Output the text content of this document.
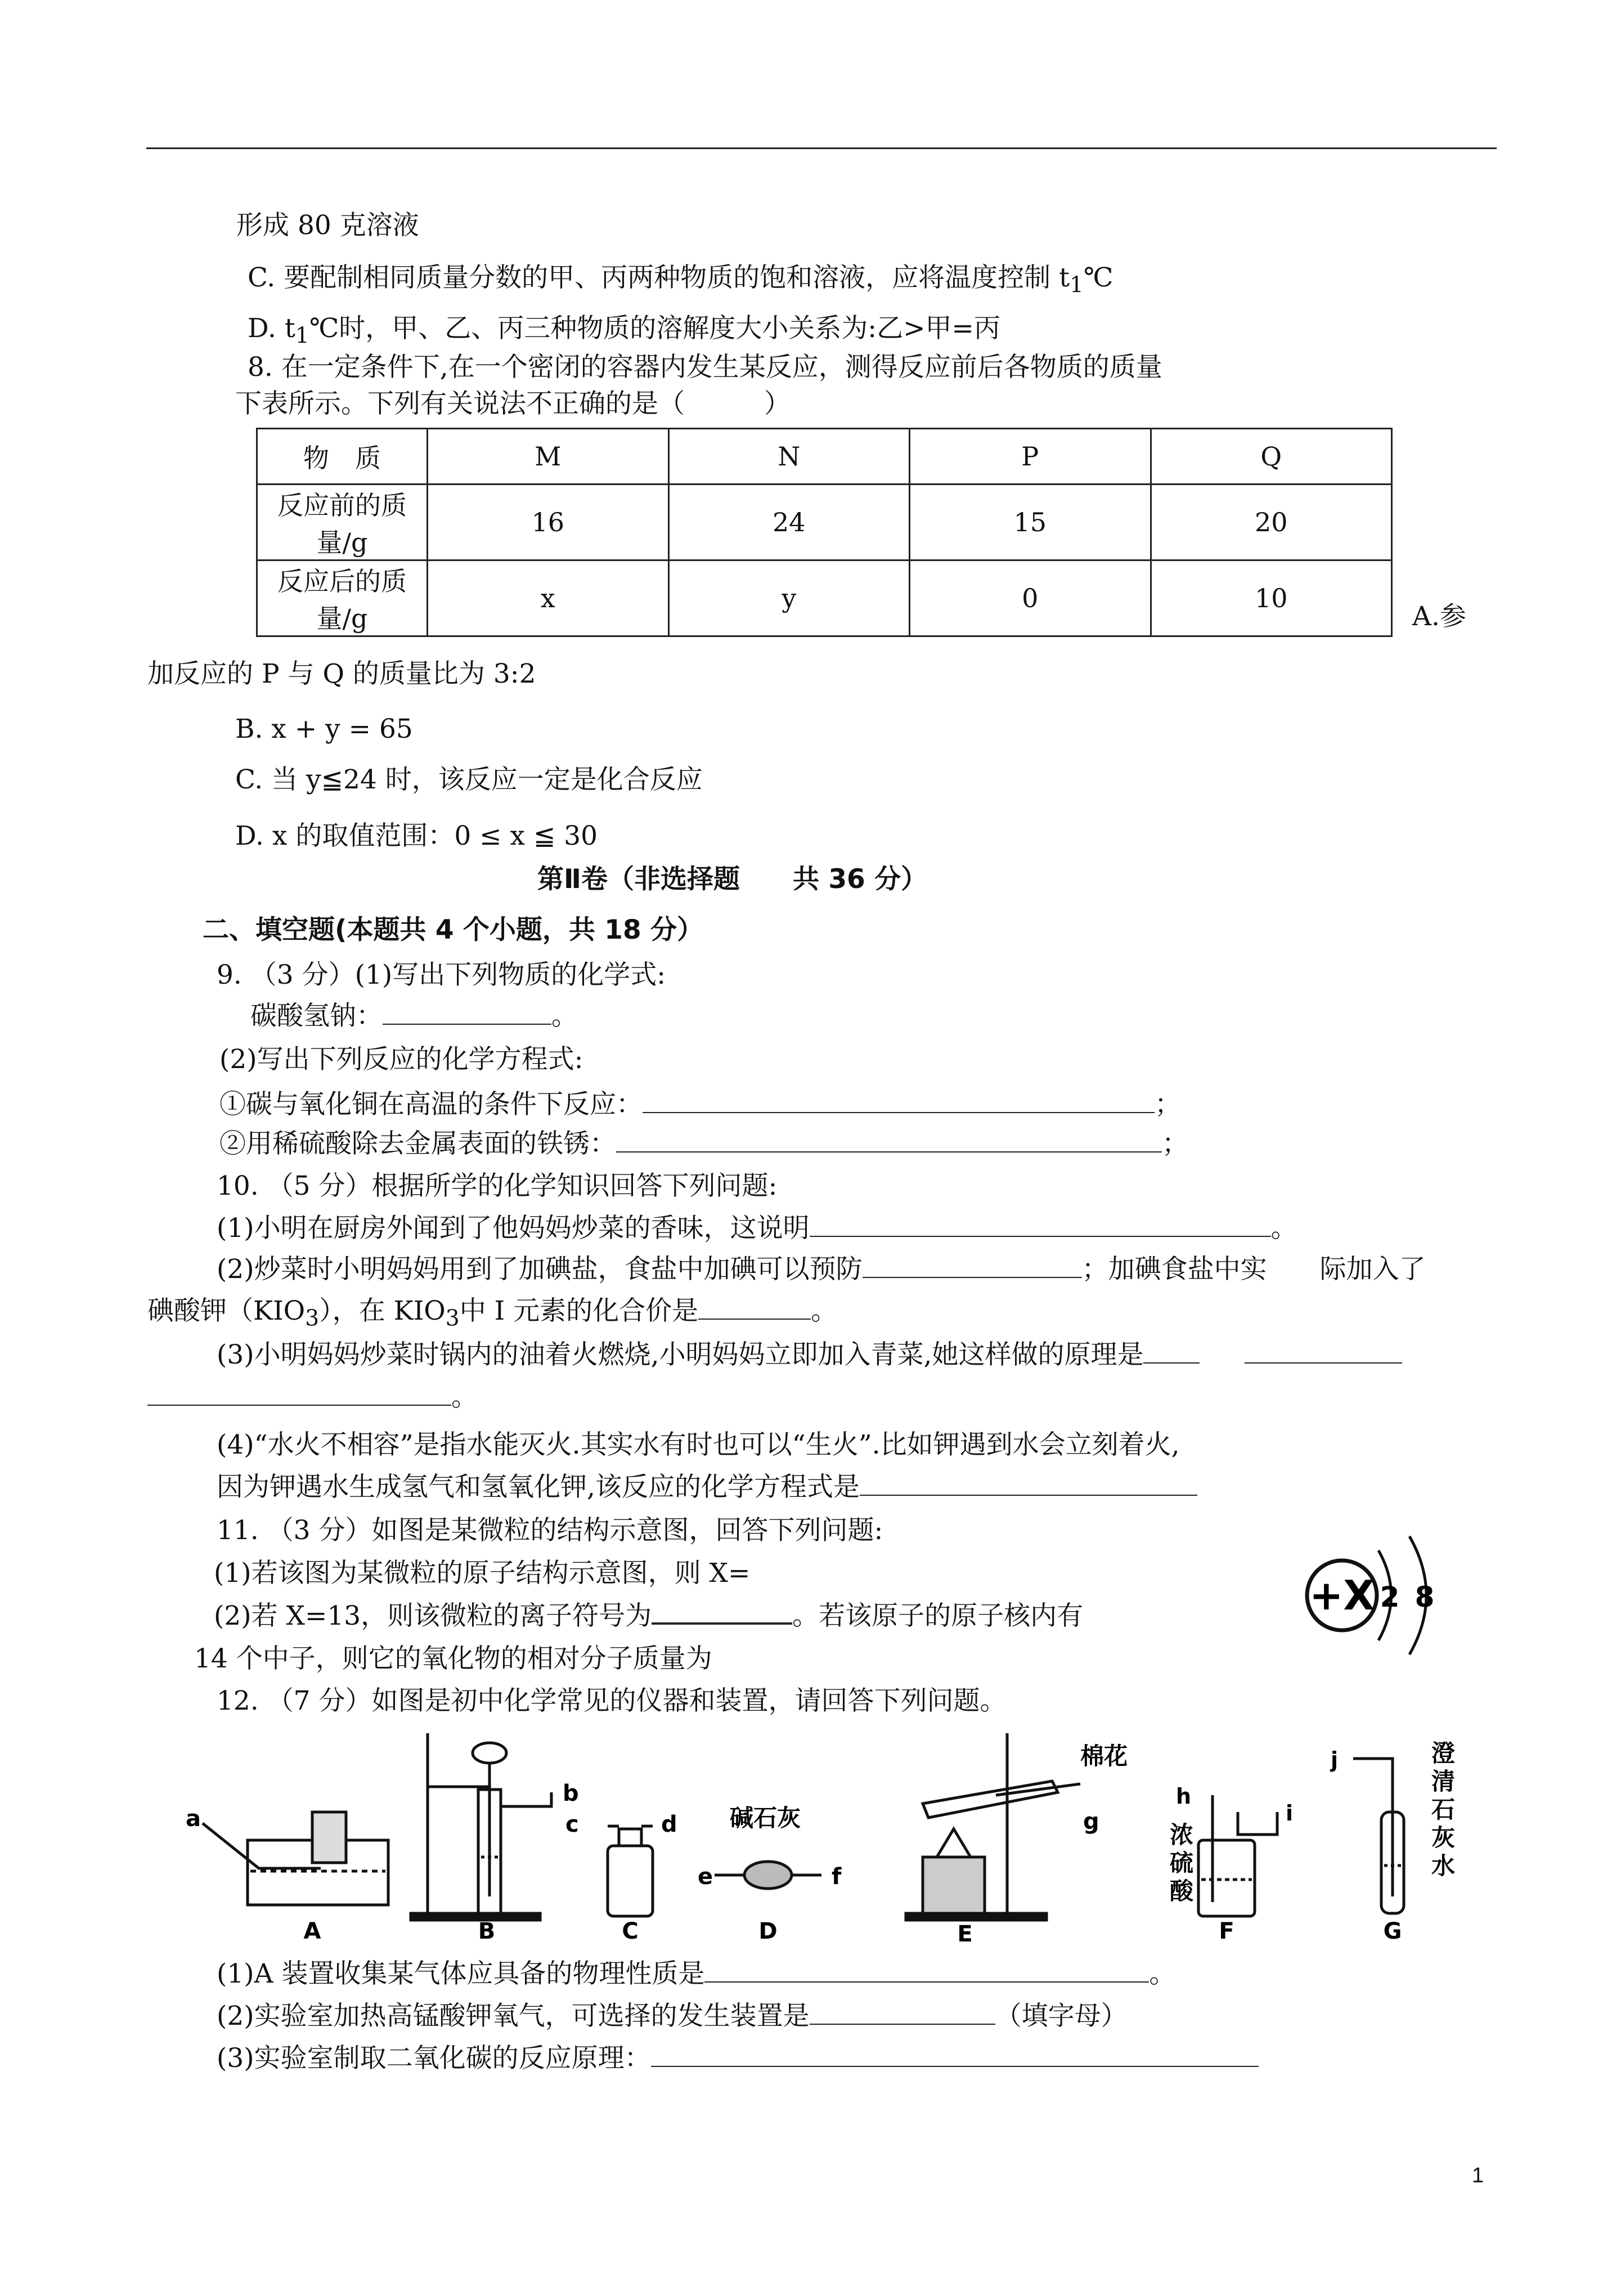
形成 80 克溶液
C. 要配制相同质量分数的甲、丙两种物质的饱和溶液，应将温度控制 $t_1℃$
D. $t_1℃$时，甲、乙、丙三种物质的溶解度大小关系为:乙>甲=丙
8. 在一定条件下,在一个密闭的容器内发生某反应，测得反应前后各物质的质量
下表所示。下列有关说法不正确的是（　　　）
物　质	M	N	P	Q
反应前的质量/g	16	24	15	20
反应后的质量/g	x	y	0	10
A.参
加反应的 P 与 Q 的质量比为 3:2
B. x + y = 65
C. 当 y≦24 时，该反应一定是化合反应
D. x 的取值范围：0 ≤ x ≦ 30
第Ⅱ卷（非选择题　　共 36 分）
二、填空题(本题共 4 个小题，共 18 分）
9. （3 分）(1)写出下列物质的化学式:
碳酸氢钠：	。
(2)写出下列反应的化学方程式:
①碳与氧化铜在高温的条件下反应：	；
②用稀硫酸除去金属表面的铁锈：	；
10. （5 分）根据所学的化学知识回答下列问题:
(1)小明在厨房外闻到了他妈妈炒菜的香味，这说明	。
(2)炒菜时小明妈妈用到了加碘盐，食盐中加碘可以预防	；加碘食盐中实　　际加入了
碘酸钾$(KIO_3)$，在 $KIO_3$中 I 元素的化合价是	。
(3)小明妈妈炒菜时锅内的油着火燃烧,小明妈妈立即加入青菜,她这样做的原理是
。
(4)“水火不相容”是指水能灭火.其实水有时也可以“生火”.比如钾遇到水会立刻着火,
因为钾遇水生成氢气和氢氧化钾,该反应的化学方程式是
11. （3 分）如图是某微粒的结构示意图，回答下列问题:
(1)若该图为某微粒的原子结构示意图，则 X=
(2)若 X=13，则该微粒的离子符号为	。若该原子的原子核内有
14 个中子，则它的氧化物的相对分子质量为
+X 2 8
12. （7 分）如图是初中化学常见的仪器和装置，请回答下列问题。
a
A
b
B
c	d
C
碱石灰
e	f
D
棉花
g
E
h
i
浓
硫
酸
F
j	澄
清
石
灰
水
G
(1)A 装置收集某气体应具备的物理性质是	。
(2)实验室加热高锰酸钾氧气，可选择的发生装置是	（填字母）
(3)实验室制取二氧化碳的反应原理：
1
